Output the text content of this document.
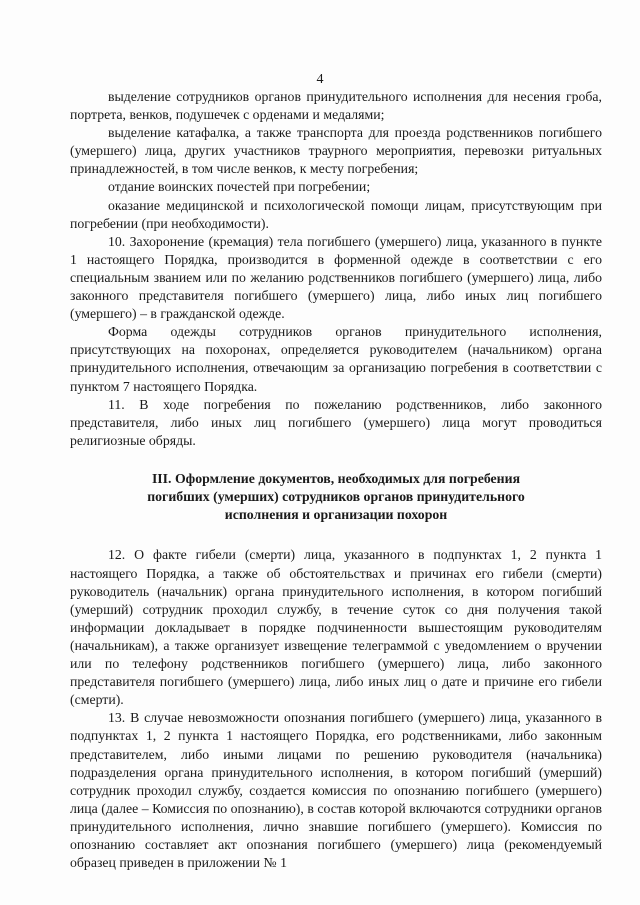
4

выделение сотрудников органов принудительного исполнения для несения гроба, портрета, венков, подушечек с орденами и медалями;

выделение катафалка, а также транспорта для проезда родственников погибшего (умершего) лица, других участников траурного мероприятия, перевозки ритуальных принадлежностей, в том числе венков, к месту погребения;

отдание воинских почестей при погребении;

оказание медицинской и психологической помощи лицам, присутствующим при погребении (при необходимости).

10. Захоронение (кремация) тела погибшего (умершего) лица, указанного в пункте 1 настоящего Порядка, производится в форменной одежде в соответствии с его специальным званием или по желанию родственников погибшего (умершего) лица, либо законного представителя погибшего (умершего) лица, либо иных лиц погибшего (умершего) – в гражданской одежде.

Форма одежды сотрудников органов принудительного исполнения, присутствующих на похоронах, определяется руководителем (начальником) органа принудительного исполнения, отвечающим за организацию погребения в соответствии с пунктом 7 настоящего Порядка.

11. В ходе погребения по пожеланию родственников, либо законного представителя, либо иных лиц погибшего (умершего) лица могут проводиться религиозные обряды.

III. Оформление документов, необходимых для погребения
погибших (умерших) сотрудников органов принудительного
исполнения и организации похорон

12. О факте гибели (смерти) лица, указанного в подпунктах 1, 2 пункта 1 настоящего Порядка, а также об обстоятельствах и причинах его гибели (смерти) руководитель (начальник) органа принудительного исполнения, в котором погибший (умерший) сотрудник проходил службу, в течение суток со дня получения такой информации докладывает в порядке подчиненности вышестоящим руководителям (начальникам), а также организует извещение телеграммой с уведомлением о вручении или по телефону родственников погибшего (умершего) лица, либо законного представителя погибшего (умершего) лица, либо иных лиц о дате и причине его гибели (смерти).

13. В случае невозможности опознания погибшего (умершего) лица, указанного в подпунктах 1, 2 пункта 1 настоящего Порядка, его родственниками, либо законным представителем, либо иными лицами по решению руководителя (начальника) подразделения органа принудительного исполнения, в котором погибший (умерший) сотрудник проходил службу, создается комиссия по опознанию погибшего (умершего) лица (далее – Комиссия по опознанию), в состав которой включаются сотрудники органов принудительного исполнения, лично знавшие погибшего (умершего). Комиссия по опознанию составляет акт опознания погибшего (умершего) лица (рекомендуемый образец приведен в приложении № 1
